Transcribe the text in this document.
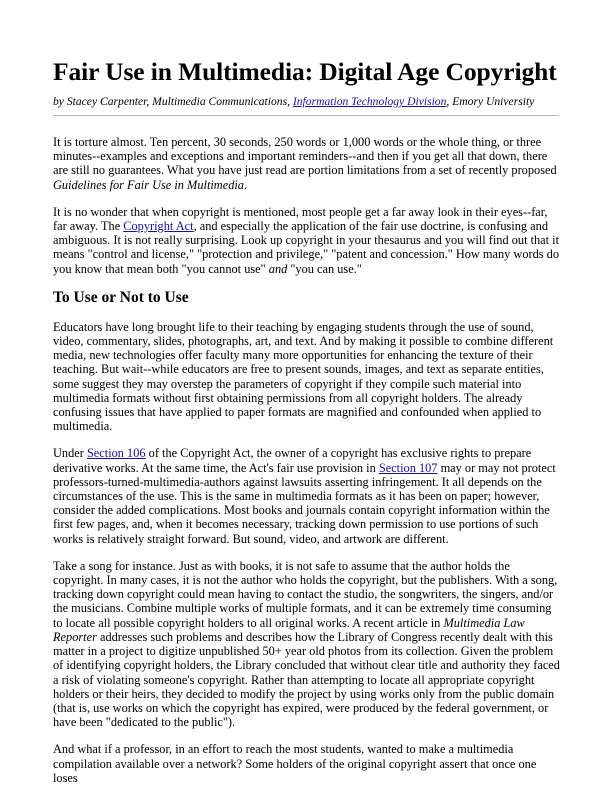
Fair Use in Multimedia: Digital Age Copyright
by Stacey Carpenter, Multimedia Communications, Information Technology Division, Emory University

It is torture almost. Ten percent, 30 seconds, 250 words or 1,000 words or the whole thing, or three minutes--examples and exceptions and important reminders--and then if you get all that down, there are still no guarantees. What you have just read are portion limitations from a set of recently proposed Guidelines for Fair Use in Multimedia.

It is no wonder that when copyright is mentioned, most people get a far away look in their eyes--far, far away. The Copyright Act, and especially the application of the fair use doctrine, is confusing and ambiguous. It is not really surprising. Look up copyright in your thesaurus and you will find out that it means "control and license," "protection and privilege," "patent and concession." How many words do you know that mean both "you cannot use" and "you can use."

To Use or Not to Use

Educators have long brought life to their teaching by engaging students through the use of sound, video, commentary, slides, photographs, art, and text. And by making it possible to combine different media, new technologies offer faculty many more opportunities for enhancing the texture of their teaching. But wait--while educators are free to present sounds, images, and text as separate entities, some suggest they may overstep the parameters of copyright if they compile such material into multimedia formats without first obtaining permissions from all copyright holders. The already confusing issues that have applied to paper formats are magnified and confounded when applied to multimedia.

Under Section 106 of the Copyright Act, the owner of a copyright has exclusive rights to prepare derivative works. At the same time, the Act's fair use provision in Section 107 may or may not protect professors-turned-multimedia-authors against lawsuits asserting infringement. It all depends on the circumstances of the use. This is the same in multimedia formats as it has been on paper; however, consider the added complications. Most books and journals contain copyright information within the first few pages, and, when it becomes necessary, tracking down permission to use portions of such works is relatively straight forward. But sound, video, and artwork are different.

Take a song for instance. Just as with books, it is not safe to assume that the author holds the copyright. In many cases, it is not the author who holds the copyright, but the publishers. With a song, tracking down copyright could mean having to contact the studio, the songwriters, the singers, and/or the musicians. Combine multiple works of multiple formats, and it can be extremely time consuming to locate all possible copyright holders to all original works. A recent article in Multimedia Law Reporter addresses such problems and describes how the Library of Congress recently dealt with this matter in a project to digitize unpublished 50+ year old photos from its collection. Given the problem of identifying copyright holders, the Library concluded that without clear title and authority they faced a risk of violating someone's copyright. Rather than attempting to locate all appropriate copyright holders or their heirs, they decided to modify the project by using works only from the public domain (that is, use works on which the copyright has expired, were produced by the federal government, or have been "dedicated to the public").

And what if a professor, in an effort to reach the most students, wanted to make a multimedia compilation available over a network? Some holders of the original copyright assert that once one loses
